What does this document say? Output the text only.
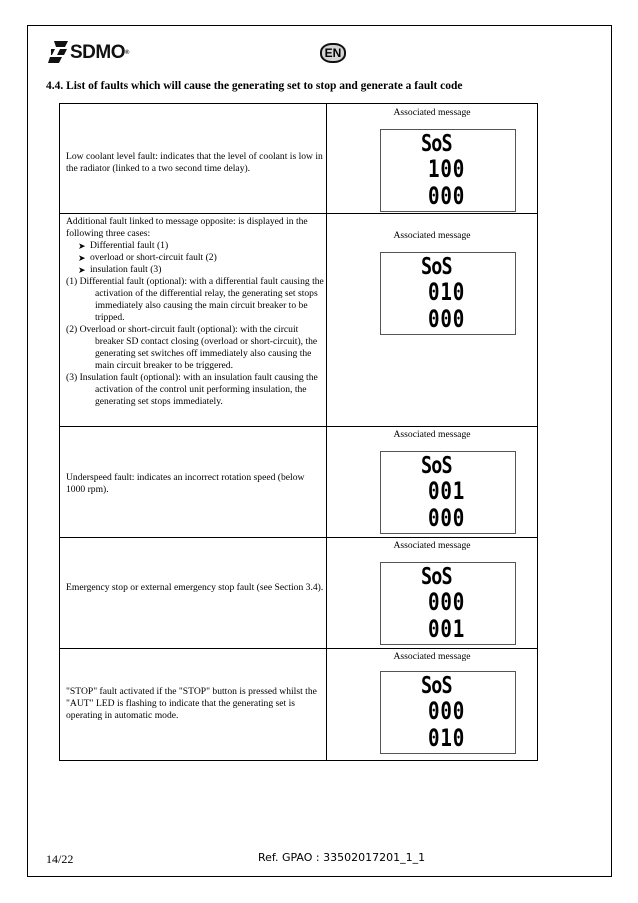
SDMO®	EN
4.4. List of faults which will cause the generating set to stop and generate a fault code
Low coolant level fault: indicates that the level of coolant is low in the radiator (linked to a two second time delay).
Associated message
SoS
100
000
Additional fault linked to message opposite: is displayed in the following three cases:
➤ Differential fault (1)
➤ overload or short-circuit fault (2)
➤ insulation fault (3)
(1) Differential fault (optional): with a differential fault causing the activation of the differential relay, the generating set stops immediately also causing the main circuit breaker to be tripped.
(2) Overload or short-circuit fault (optional): with the circuit breaker SD contact closing (overload or short-circuit), the generating set switches off immediately also causing the main circuit breaker to be triggered.
(3) Insulation fault (optional): with an insulation fault causing the activation of the control unit performing insulation, the generating set stops immediately.
Associated message
SoS
010
000
Underspeed fault: indicates an incorrect rotation speed (below 1000 rpm).
Associated message
SoS
001
000
Emergency stop or external emergency stop fault (see Section 3.4).
Associated message
SoS
000
001
"STOP" fault activated if the "STOP" button is pressed whilst the "AUT" LED is flashing to indicate that the generating set is operating in automatic mode.
Associated message
SoS
000
010
14/22	Ref. GPAO : 33502017201_1_1
